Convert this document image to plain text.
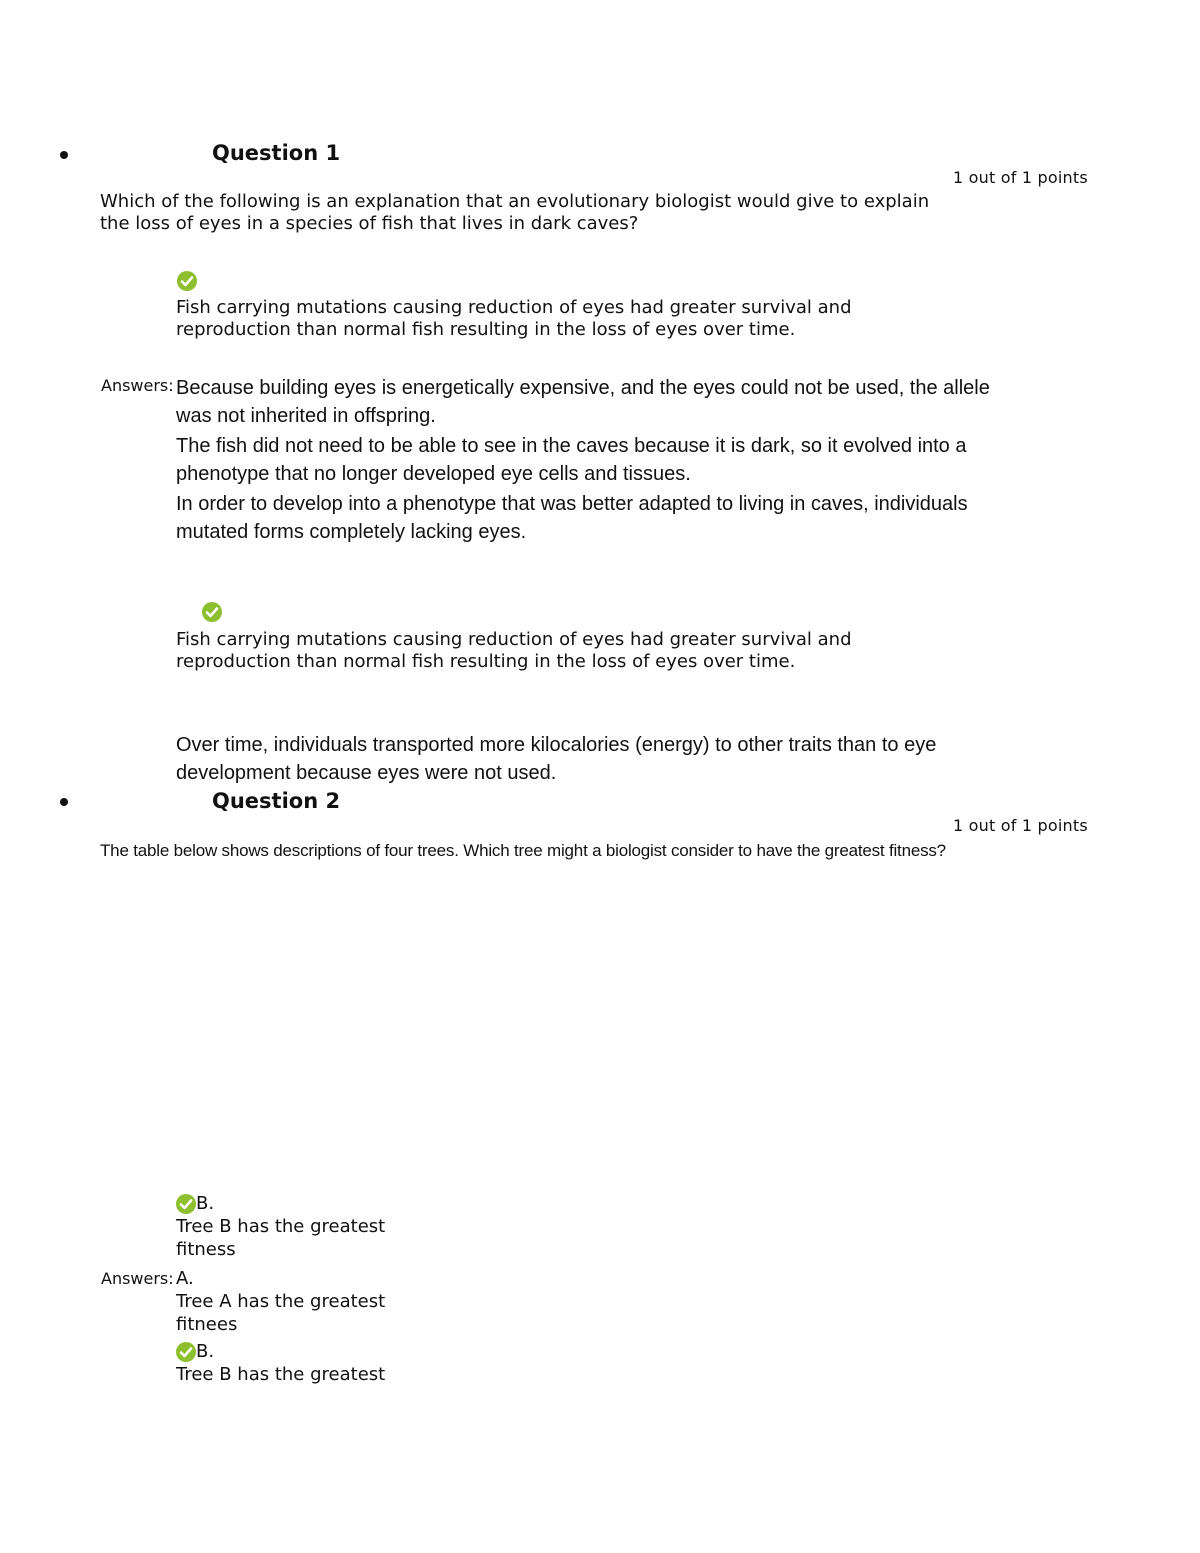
Question 1
1 out of 1 points
Which of the following is an explanation that an evolutionary biologist would give to explain the loss of eyes in a species of fish that lives in dark caves?

Fish carrying mutations causing reduction of eyes had greater survival and reproduction than normal fish resulting in the loss of eyes over time.
Answers: Because building eyes is energetically expensive, and the eyes could not be used, the allele was not inherited in offspring.
The fish did not need to be able to see in the caves because it is dark, so it evolved into a phenotype that no longer developed eye cells and tissues.
In order to develop into a phenotype that was better adapted to living in caves, individuals mutated forms completely lacking eyes.
Fish carrying mutations causing reduction of eyes had greater survival and reproduction than normal fish resulting in the loss of eyes over time.
Over time, individuals transported more kilocalories (energy) to other traits than to eye development because eyes were not used.
Question 2
1 out of 1 points
The table below shows descriptions of four trees. Which tree might a biologist consider to have the greatest fitness?
B.
Tree B has the greatest fitness
Answers: A.
Tree A has the greatest fitnees
B.
Tree B has the greatest
